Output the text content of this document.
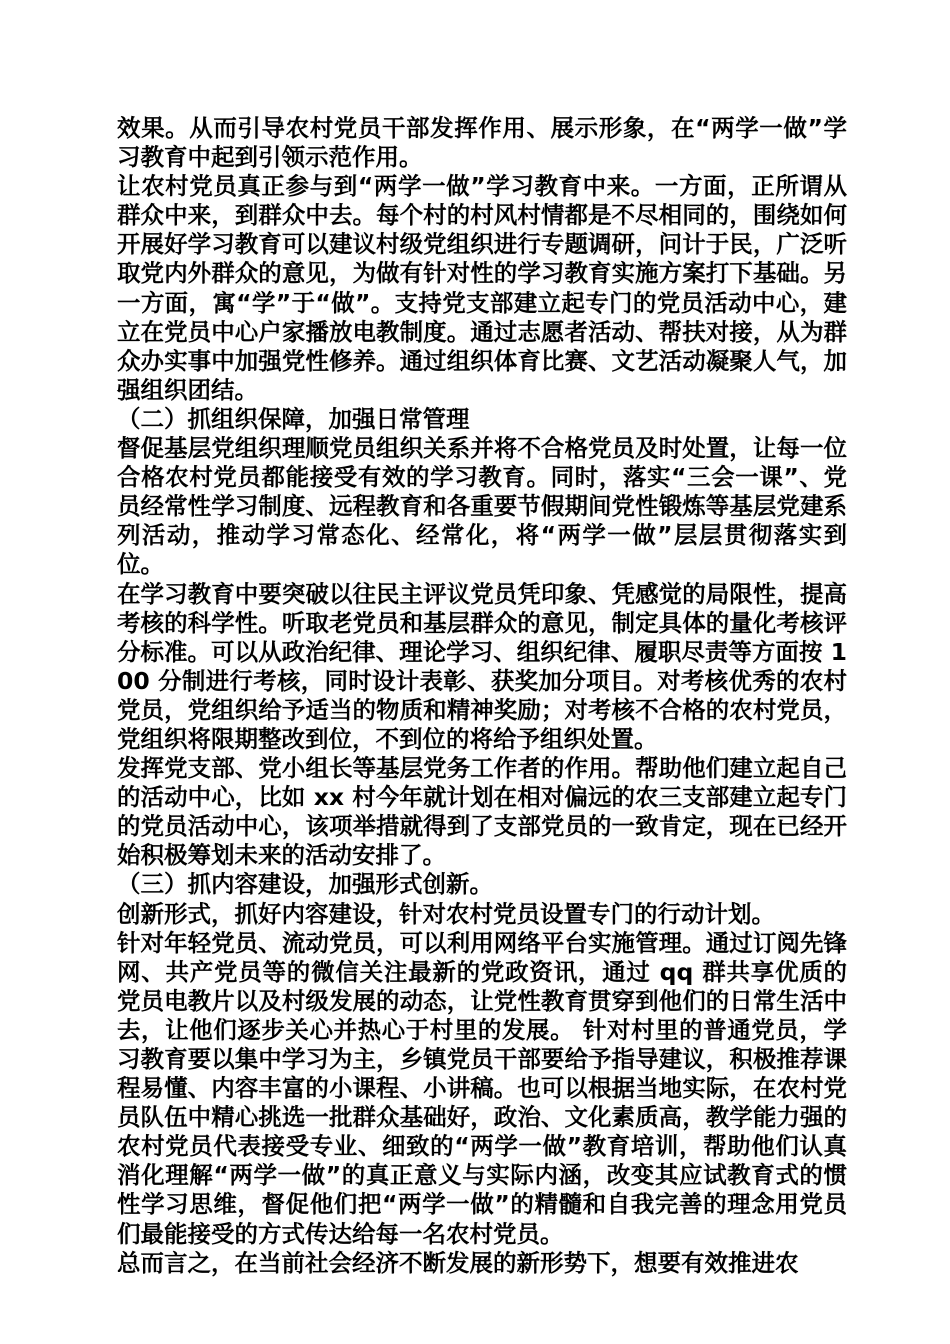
效果。从而引导农村党员干部发挥作用、展示形象，在“两学一做”学习教育中起到引领示范作用。

让农村党员真正参与到“两学一做”学习教育中来。一方面，正所谓从群众中来，到群众中去。每个村的村风村情都是不尽相同的，围绕如何开展好学习教育可以建议村级党组织进行专题调研，问计于民，广泛听取党内外群众的意见，为做有针对性的学习教育实施方案打下基础。另一方面，寓“学”于“做”。支持党支部建立起专门的党员活动中心，建立在党员中心户家播放电教制度。通过志愿者活动、帮扶对接，从为群众办实事中加强党性修养。通过组织体育比赛、文艺活动凝聚人气，加强组织团结。

（二）抓组织保障，加强日常管理

督促基层党组织理顺党员组织关系并将不合格党员及时处置，让每一位合格农村党员都能接受有效的学习教育。同时，落实“三会一课”、党员经常性学习制度、远程教育和各重要节假期间党性锻炼等基层党建系列活动，推动学习常态化、经常化，将“两学一做”层层贯彻落实到位。

在学习教育中要突破以往民主评议党员凭印象、凭感觉的局限性，提高考核的科学性。听取老党员和基层群众的意见，制定具体的量化考核评分标准。可以从政治纪律、理论学习、组织纪律、履职尽责等方面按 100 分制进行考核，同时设计表彰、获奖加分项目。对考核优秀的农村党员，党组织给予适当的物质和精神奖励；对考核不合格的农村党员，党组织将限期整改到位，不到位的将给予组织处置。

发挥党支部、党小组长等基层党务工作者的作用。帮助他们建立起自己的活动中心，比如 xx 村今年就计划在相对偏远的农三支部建立起专门的党员活动中心，该项举措就得到了支部党员的一致肯定，现在已经开始积极筹划未来的活动安排了。

（三）抓内容建设，加强形式创新。

创新形式，抓好内容建设，针对农村党员设置专门的行动计划。

针对年轻党员、流动党员，可以利用网络平台实施管理。通过订阅先锋网、共产党员等的微信关注最新的党政资讯，通过 qq 群共享优质的党员电教片以及村级发展的动态，让党性教育贯穿到他们的日常生活中去，让他们逐步关心并热心于村里的发展。 针对村里的普通党员，学习教育要以集中学习为主，乡镇党员干部要给予指导建议，积极推荐课程易懂、内容丰富的小课程、小讲稿。也可以根据当地实际，在农村党员队伍中精心挑选一批群众基础好，政治、文化素质高，教学能力强的农村党员代表接受专业、细致的“两学一做”教育培训，帮助他们认真消化理解“两学一做”的真正意义与实际内涵，改变其应试教育式的惯性学习思维，督促他们把“两学一做”的精髓和自我完善的理念用党员们最能接受的方式传达给每一名农村党员。

总而言之，在当前社会经济不断发展的新形势下，想要有效推进农
